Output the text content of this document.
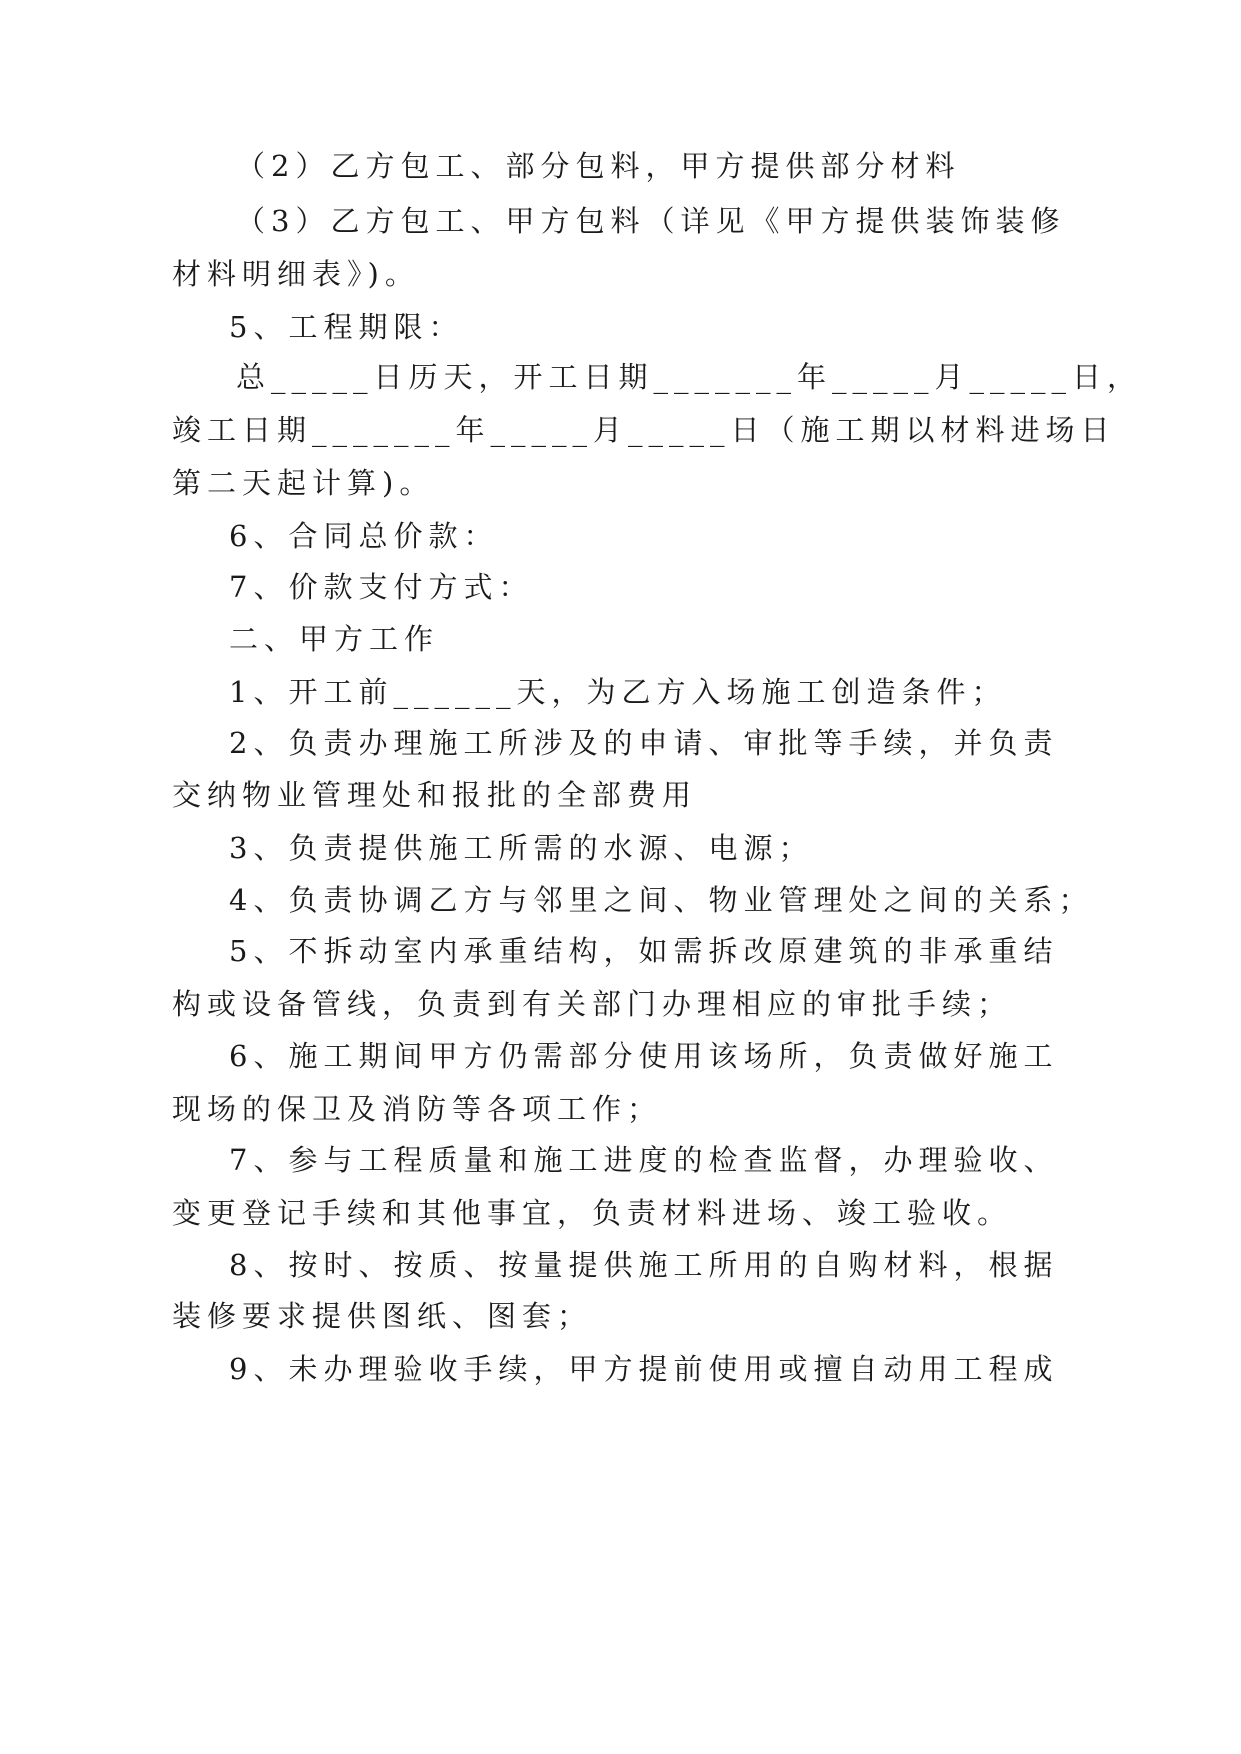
（2）乙方包工、部分包料，甲方提供部分材料
（3）乙方包工、甲方包料（详见《甲方提供装饰装修
材料明细表》)。
5、工程期限：
总_____日历天，开工日期_______年_____月_____日，
竣工日期_______年_____月_____日（施工期以材料进场日
第二天起计算)。
6、合同总价款：
7、价款支付方式：
二、甲方工作
1、开工前______天，为乙方入场施工创造条件；
2、负责办理施工所涉及的申请、审批等手续，并负责
交纳物业管理处和报批的全部费用
3、负责提供施工所需的水源、电源；
4、负责协调乙方与邻里之间、物业管理处之间的关系；
5、不拆动室内承重结构，如需拆改原建筑的非承重结
构或设备管线，负责到有关部门办理相应的审批手续；
6、施工期间甲方仍需部分使用该场所，负责做好施工
现场的保卫及消防等各项工作；
7、参与工程质量和施工进度的检查监督，办理验收、
变更登记手续和其他事宜，负责材料进场、竣工验收。
8、按时、按质、按量提供施工所用的自购材料，根据
装修要求提供图纸、图套；
9、未办理验收手续，甲方提前使用或擅自动用工程成
